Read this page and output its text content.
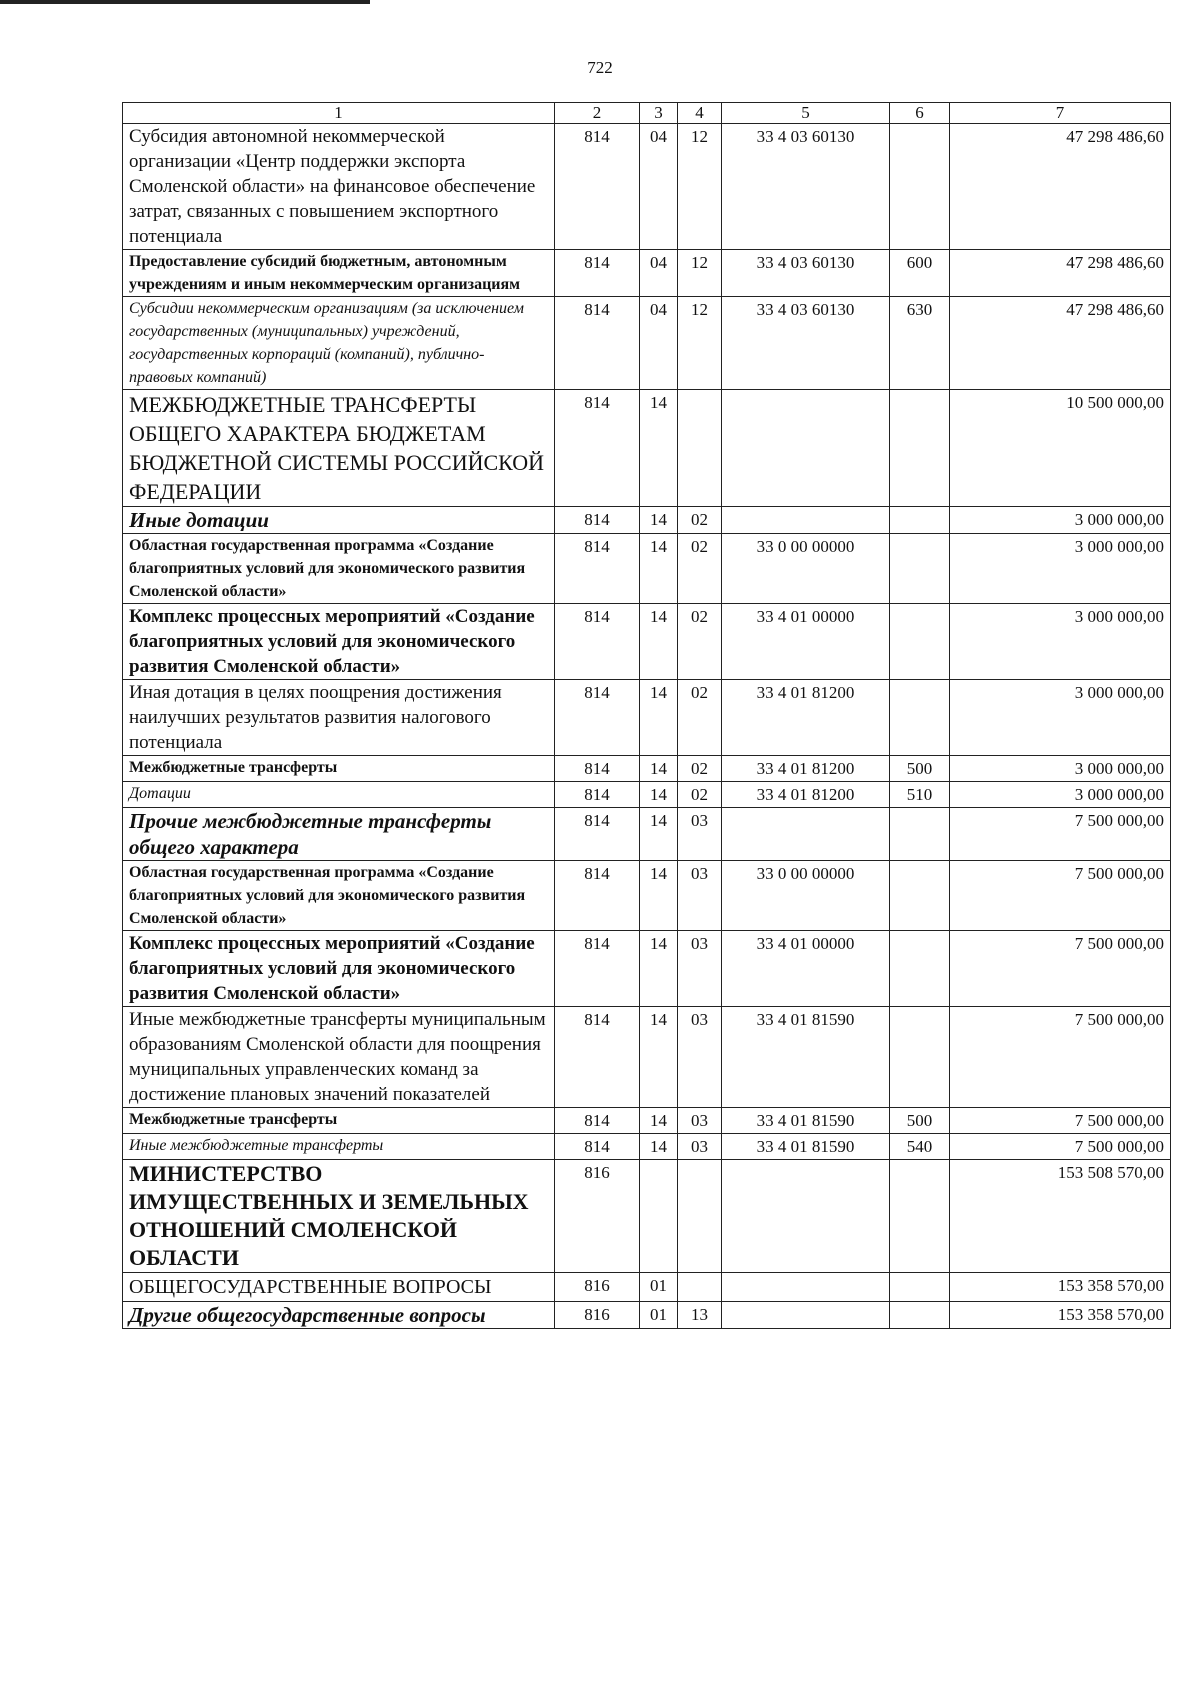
722
1	2	3	4	5	6	7
Субсидия автономной некоммерческой организации «Центр поддержки экспорта Смоленской области» на финансовое обеспечение затрат, связанных с повышением экспортного потенциала	814	04	12	33 4 03 60130		47 298 486,60
Предоставление субсидий бюджетным, автономным учреждениям и иным некоммерческим организациям	814	04	12	33 4 03 60130	600	47 298 486,60
Субсидии некоммерческим организациям (за исключением государственных (муниципальных) учреждений, государственных корпораций (компаний), публично-правовых компаний)	814	04	12	33 4 03 60130	630	47 298 486,60
МЕЖБЮДЖЕТНЫЕ ТРАНСФЕРТЫ ОБЩЕГО ХАРАКТЕРА БЮДЖЕТАМ БЮДЖЕТНОЙ СИСТЕМЫ РОССИЙСКОЙ ФЕДЕРАЦИИ	814	14				10 500 000,00
Иные дотации	814	14	02			3 000 000,00
Областная государственная программа «Создание благоприятных условий для экономического развития Смоленской области»	814	14	02	33 0 00 00000		3 000 000,00
Комплекс процессных мероприятий «Создание благоприятных условий для экономического развития Смоленской области»	814	14	02	33 4 01 00000		3 000 000,00
Иная дотация в целях поощрения достижения наилучших результатов развития налогового потенциала	814	14	02	33 4 01 81200		3 000 000,00
Межбюджетные трансферты	814	14	02	33 4 01 81200	500	3 000 000,00
Дотации	814	14	02	33 4 01 81200	510	3 000 000,00
Прочие межбюджетные трансферты общего характера	814	14	03			7 500 000,00
Областная государственная программа «Создание благоприятных условий для экономического развития Смоленской области»	814	14	03	33 0 00 00000		7 500 000,00
Комплекс процессных мероприятий «Создание благоприятных условий для экономического развития Смоленской области»	814	14	03	33 4 01 00000		7 500 000,00
Иные межбюджетные трансферты муниципальным образованиям Смоленской области для поощрения муниципальных управленческих команд за достижение плановых значений показателей	814	14	03	33 4 01 81590		7 500 000,00
Межбюджетные трансферты	814	14	03	33 4 01 81590	500	7 500 000,00
Иные межбюджетные трансферты	814	14	03	33 4 01 81590	540	7 500 000,00
МИНИСТЕРСТВО ИМУЩЕСТВЕННЫХ И ЗЕМЕЛЬНЫХ ОТНОШЕНИЙ СМОЛЕНСКОЙ ОБЛАСТИ	816					153 508 570,00
ОБЩЕГОСУДАРСТВЕННЫЕ ВОПРОСЫ	816	01				153 358 570,00
Другие общегосударственные вопросы	816	01	13			153 358 570,00
